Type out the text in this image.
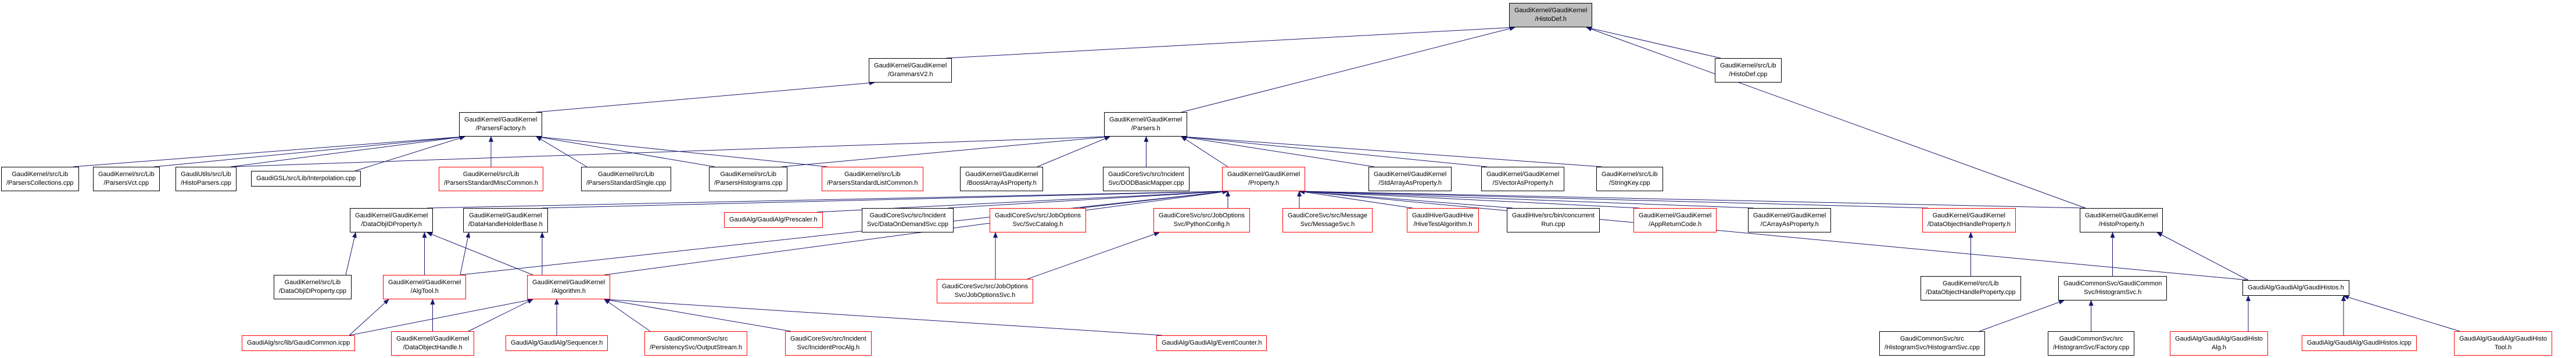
GaudiKernel/GaudiKernel
/HistoDef.h
GaudiKernel/GaudiKernel
/GrammarsV2.h
GaudiKernel/src/Lib
/HistoDef.cpp
GaudiKernel/GaudiKernel
/ParsersFactory.h
GaudiKernel/GaudiKernel
/Parsers.h
GaudiKernel/src/Lib
/ParsersCollections.cpp
GaudiKernel/src/Lib
/ParsersVct.cpp
GaudiUtils/src/Lib
/HistoParsers.cpp
GaudiGSL/src/Lib/Interpolation.cpp
GaudiKernel/src/Lib
/ParsersStandardMiscCommon.h
GaudiKernel/src/Lib
/ParsersStandardSingle.cpp
GaudiKernel/src/Lib
/ParsersHistograms.cpp
GaudiKernel/src/Lib
/ParsersStandardListCommon.h
GaudiKernel/GaudiKernel
/BoostArrayAsProperty.h
GaudiCoreSvc/src/Incident
Svc/DODBasicMapper.cpp
GaudiKernel/GaudiKernel
/Property.h
GaudiKernel/GaudiKernel
/StdArrayAsProperty.h
GaudiKernel/GaudiKernel
/SVectorAsProperty.h
GaudiKernel/src/Lib
/StringKey.cpp
GaudiKernel/GaudiKernel
/DataObjIDProperty.h
GaudiKernel/GaudiKernel
/DataHandleHolderBase.h
GaudiAlg/GaudiAlg/Prescaler.h
GaudiCoreSvc/src/Incident
Svc/DataOnDemandSvc.cpp
GaudiCoreSvc/src/JobOptions
Svc/SvcCatalog.h
GaudiCoreSvc/src/JobOptions
Svc/PythonConfig.h
GaudiCoreSvc/src/Message
Svc/MessageSvc.h
GaudiHive/GaudiHive
/HiveTestAlgorithm.h
GaudiHive/src/bin/concurrent
Run.cpp
GaudiKernel/GaudiKernel
/AppReturnCode.h
GaudiKernel/GaudiKernel
/CArrayAsProperty.h
GaudiKernel/GaudiKernel
/DataObjectHandleProperty.h
GaudiKernel/GaudiKernel
/HistoProperty.h
GaudiKernel/src/Lib
/DataObjIDProperty.cpp
GaudiKernel/GaudiKernel
/AlgTool.h
GaudiKernel/GaudiKernel
/Algorithm.h
GaudiCoreSvc/src/JobOptions
Svc/JobOptionsSvc.h
GaudiKernel/src/Lib
/DataObjectHandleProperty.cpp
GaudiCommonSvc/GaudiCommon
Svc/HistogramSvc.h
GaudiAlg/GaudiAlg/GaudiHistos.h
GaudiAlg/src/lib/GaudiCommon.icpp
GaudiKernel/GaudiKernel
/DataObjectHandle.h
GaudiAlg/GaudiAlg/Sequencer.h
GaudiCommonSvc/src
/PersistencySvc/OutputStream.h
GaudiCoreSvc/src/Incident
Svc/IncidentProcAlg.h
GaudiAlg/GaudiAlg/EventCounter.h
GaudiCommonSvc/src
/HistogramSvc/HistogramSvc.cpp
GaudiCommonSvc/src
/HistogramSvc/Factory.cpp
GaudiAlg/GaudiAlg/GaudiHisto
Alg.h
GaudiAlg/GaudiAlg/GaudiHistos.icpp
GaudiAlg/GaudiAlg/GaudiHisto
Tool.h
